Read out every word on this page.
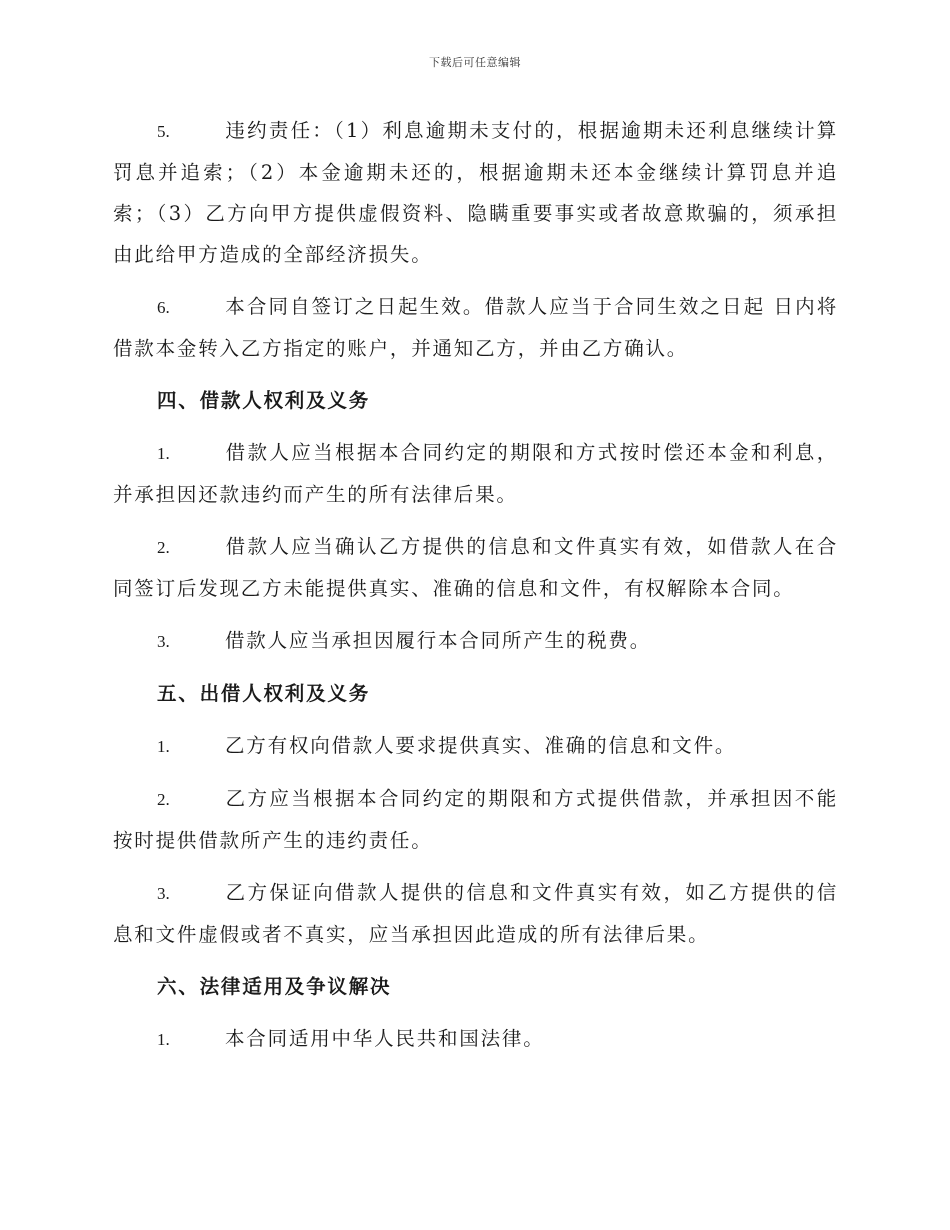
下载后可任意编辑

5.	违约责任：（1）利息逾期未支付的，根据逾期未还利息继续计算罚息并追索；（2）本金逾期未还的，根据逾期未还本金继续计算罚息并追索；（3）乙方向甲方提供虚假资料、隐瞒重要事实或者故意欺骗的，须承担由此给甲方造成的全部经济损失。

6.	本合同自签订之日起生效。借款人应当于合同生效之日起 日内将借款本金转入乙方指定的账户，并通知乙方，并由乙方确认。

四、借款人权利及义务

1.	借款人应当根据本合同约定的期限和方式按时偿还本金和利息，并承担因还款违约而产生的所有法律后果。

2.	借款人应当确认乙方提供的信息和文件真实有效，如借款人在合同签订后发现乙方未能提供真实、准确的信息和文件，有权解除本合同。

3.	借款人应当承担因履行本合同所产生的税费。

五、出借人权利及义务

1.	乙方有权向借款人要求提供真实、准确的信息和文件。

2.	乙方应当根据本合同约定的期限和方式提供借款，并承担因不能按时提供借款所产生的违约责任。

3.	乙方保证向借款人提供的信息和文件真实有效，如乙方提供的信息和文件虚假或者不真实，应当承担因此造成的所有法律后果。

六、法律适用及争议解决

1.	本合同适用中华人民共和国法律。
